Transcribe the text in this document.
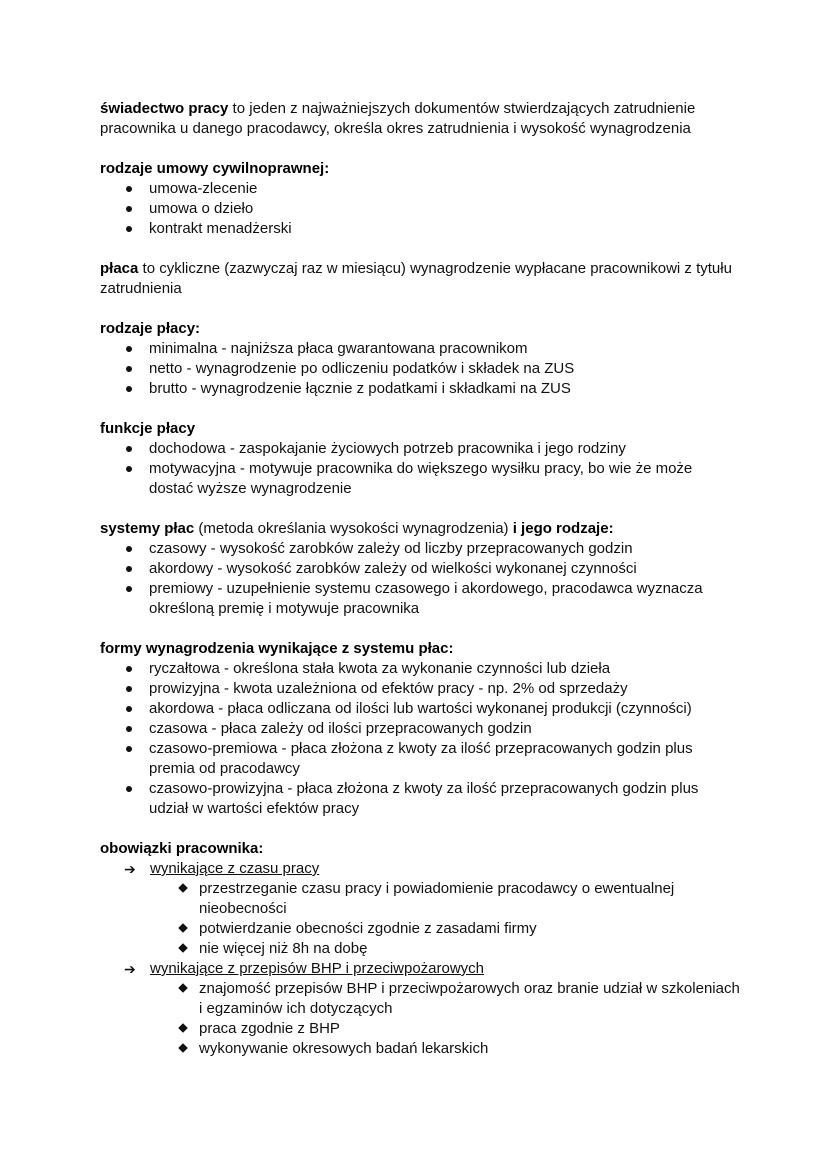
świadectwo pracy to jeden z najważniejszych dokumentów stwierdzających zatrudnienie pracownika u danego pracodawcy, określa okres zatrudnienia i wysokość wynagrodzenia

rodzaje umowy cywilnoprawnej:

umowa-zlecenie
umowa o dzieło
kontrakt menadżerski

płaca to cykliczne (zazwyczaj raz w miesiącu) wynagrodzenie wypłacane pracownikowi z tytułu zatrudnienia

rodzaje płacy:

minimalna - najniższa płaca gwarantowana pracownikom
netto - wynagrodzenie po odliczeniu podatków i składek na ZUS
brutto - wynagrodzenie łącznie z podatkami i składkami na ZUS

funkcje płacy

dochodowa - zaspokajanie życiowych potrzeb pracownika i jego rodziny
motywacyjna - motywuje pracownika do większego wysiłku pracy, bo wie że może dostać wyższe wynagrodzenie

systemy płac (metoda określania wysokości wynagrodzenia) i jego rodzaje:

czasowy - wysokość zarobków zależy od liczby przepracowanych godzin
akordowy - wysokość zarobków zależy od wielkości wykonanej czynności
premiowy - uzupełnienie systemu czasowego i akordowego, pracodawca wyznacza określoną premię i motywuje pracownika

formy wynagrodzenia wynikające z systemu płac:

ryczałtowa - określona stała kwota za wykonanie czynności lub dzieła
prowizyjna - kwota uzależniona od efektów pracy - np. 2% od sprzedaży
akordowa - płaca odliczana od ilości lub wartości wykonanej produkcji (czynności)
czasowa - płaca zależy od ilości przepracowanych godzin
czasowo-premiowa - płaca złożona z kwoty za ilość przepracowanych godzin plus premia od pracodawcy
czasowo-prowizyjna - płaca złożona z kwoty za ilość przepracowanych godzin plus udział w wartości efektów pracy

obowiązki pracownika:

➔ wynikające z czasu pracy
przestrzeganie czasu pracy i powiadomienie pracodawcy o ewentualnej nieobecności
potwierdzanie obecności zgodnie z zasadami firmy
nie więcej niż 8h na dobę
➔ wynikające z przepisów BHP i przeciwpożarowych
znajomość przepisów BHP i przeciwpożarowych oraz branie udział w szkoleniach i egzaminów ich dotyczących
praca zgodnie z BHP
wykonywanie okresowych badań lekarskich
